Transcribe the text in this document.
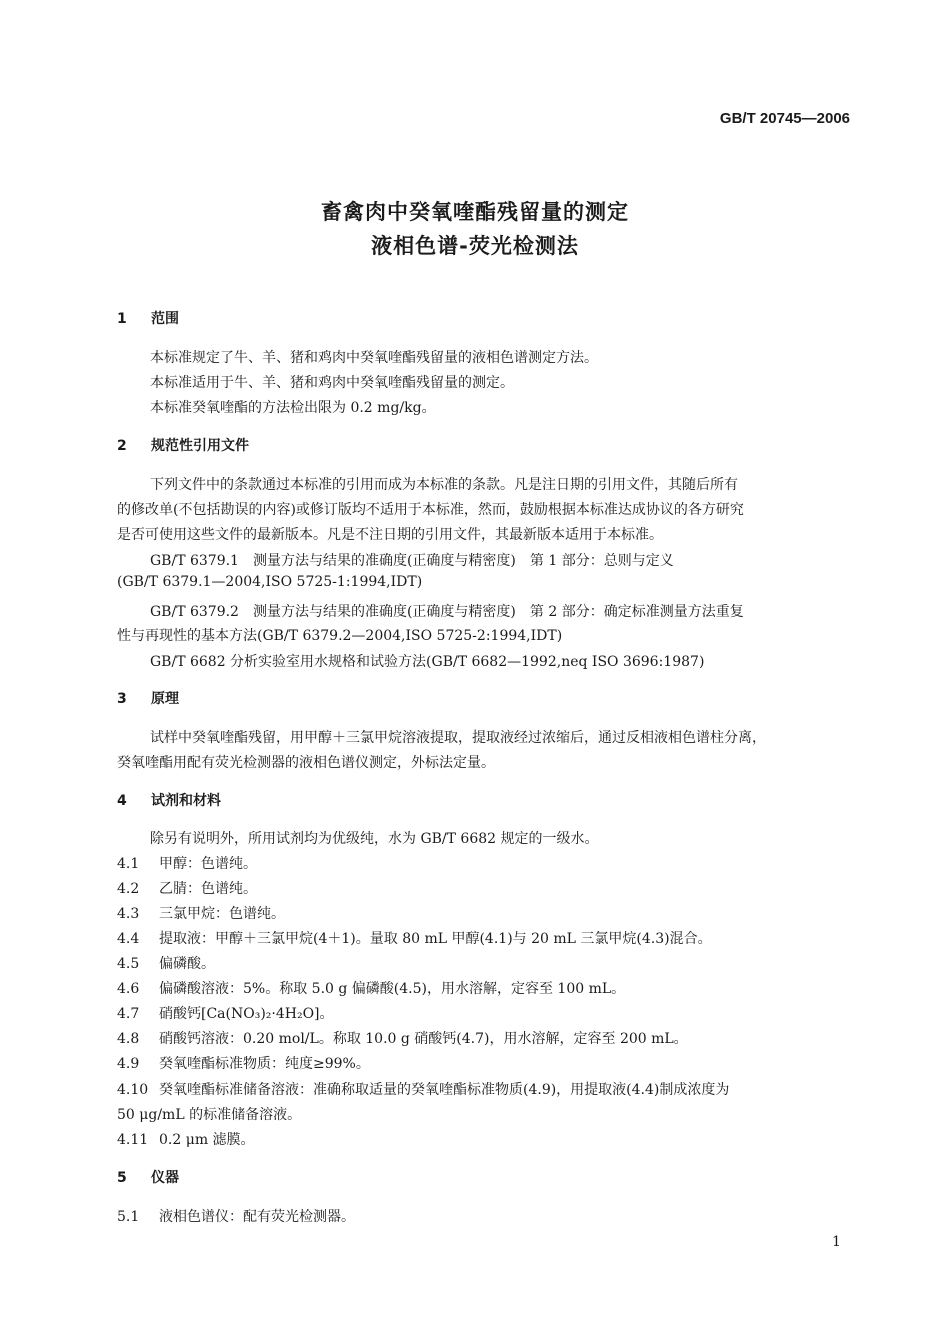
GB/T 20745—2006
畜禽肉中癸氧喹酯残留量的测定
液相色谱-荧光检测法
1 范围
本标准规定了牛、羊、猪和鸡肉中癸氧喹酯残留量的液相色谱测定方法。
本标准适用于牛、羊、猪和鸡肉中癸氧喹酯残留量的测定。
本标准癸氧喹酯的方法检出限为 0.2 mg/kg。
2 规范性引用文件
下列文件中的条款通过本标准的引用而成为本标准的条款。凡是注日期的引用文件，其随后所有
的修改单(不包括勘误的内容)或修订版均不适用于本标准，然而，鼓励根据本标准达成协议的各方研究
是否可使用这些文件的最新版本。凡是不注日期的引用文件，其最新版本适用于本标准。
GB/T 6379.1　测量方法与结果的准确度(正确度与精密度)　第 1 部分：总则与定义
(GB/T 6379.1—2004,ISO 5725-1:1994,IDT)
GB/T 6379.2　测量方法与结果的准确度(正确度与精密度)　第 2 部分：确定标准测量方法重复
性与再现性的基本方法(GB/T 6379.2—2004,ISO 5725-2:1994,IDT)
GB/T 6682 分析实验室用水规格和试验方法(GB/T 6682—1992,neq ISO 3696:1987)
3 原理
试样中癸氧喹酯残留，用甲醇＋三氯甲烷溶液提取，提取液经过浓缩后，通过反相液相色谱柱分离，
癸氧喹酯用配有荧光检测器的液相色谱仪测定，外标法定量。
4 试剂和材料
除另有说明外，所用试剂均为优级纯，水为 GB/T 6682 规定的一级水。
4.1 甲醇：色谱纯。
4.2 乙腈：色谱纯。
4.3 三氯甲烷：色谱纯。
4.4 提取液：甲醇＋三氯甲烷(4＋1)。量取 80 mL 甲醇(4.1)与 20 mL 三氯甲烷(4.3)混合。
4.5 偏磷酸。
4.6 偏磷酸溶液：5%。称取 5.0 g 偏磷酸(4.5)，用水溶解，定容至 100 mL。
4.7 硝酸钙[Ca(NO₃)₂·4H₂O]。
4.8 硝酸钙溶液：0.20 mol/L。称取 10.0 g 硝酸钙(4.7)，用水溶解，定容至 200 mL。
4.9 癸氧喹酯标准物质：纯度≥99%。
4.10 癸氧喹酯标准储备溶液：准确称取适量的癸氧喹酯标准物质(4.9)，用提取液(4.4)制成浓度为
50 μg/mL 的标准储备溶液。
4.11 0.2 μm 滤膜。
5 仪器
5.1 液相色谱仪：配有荧光检测器。
1
